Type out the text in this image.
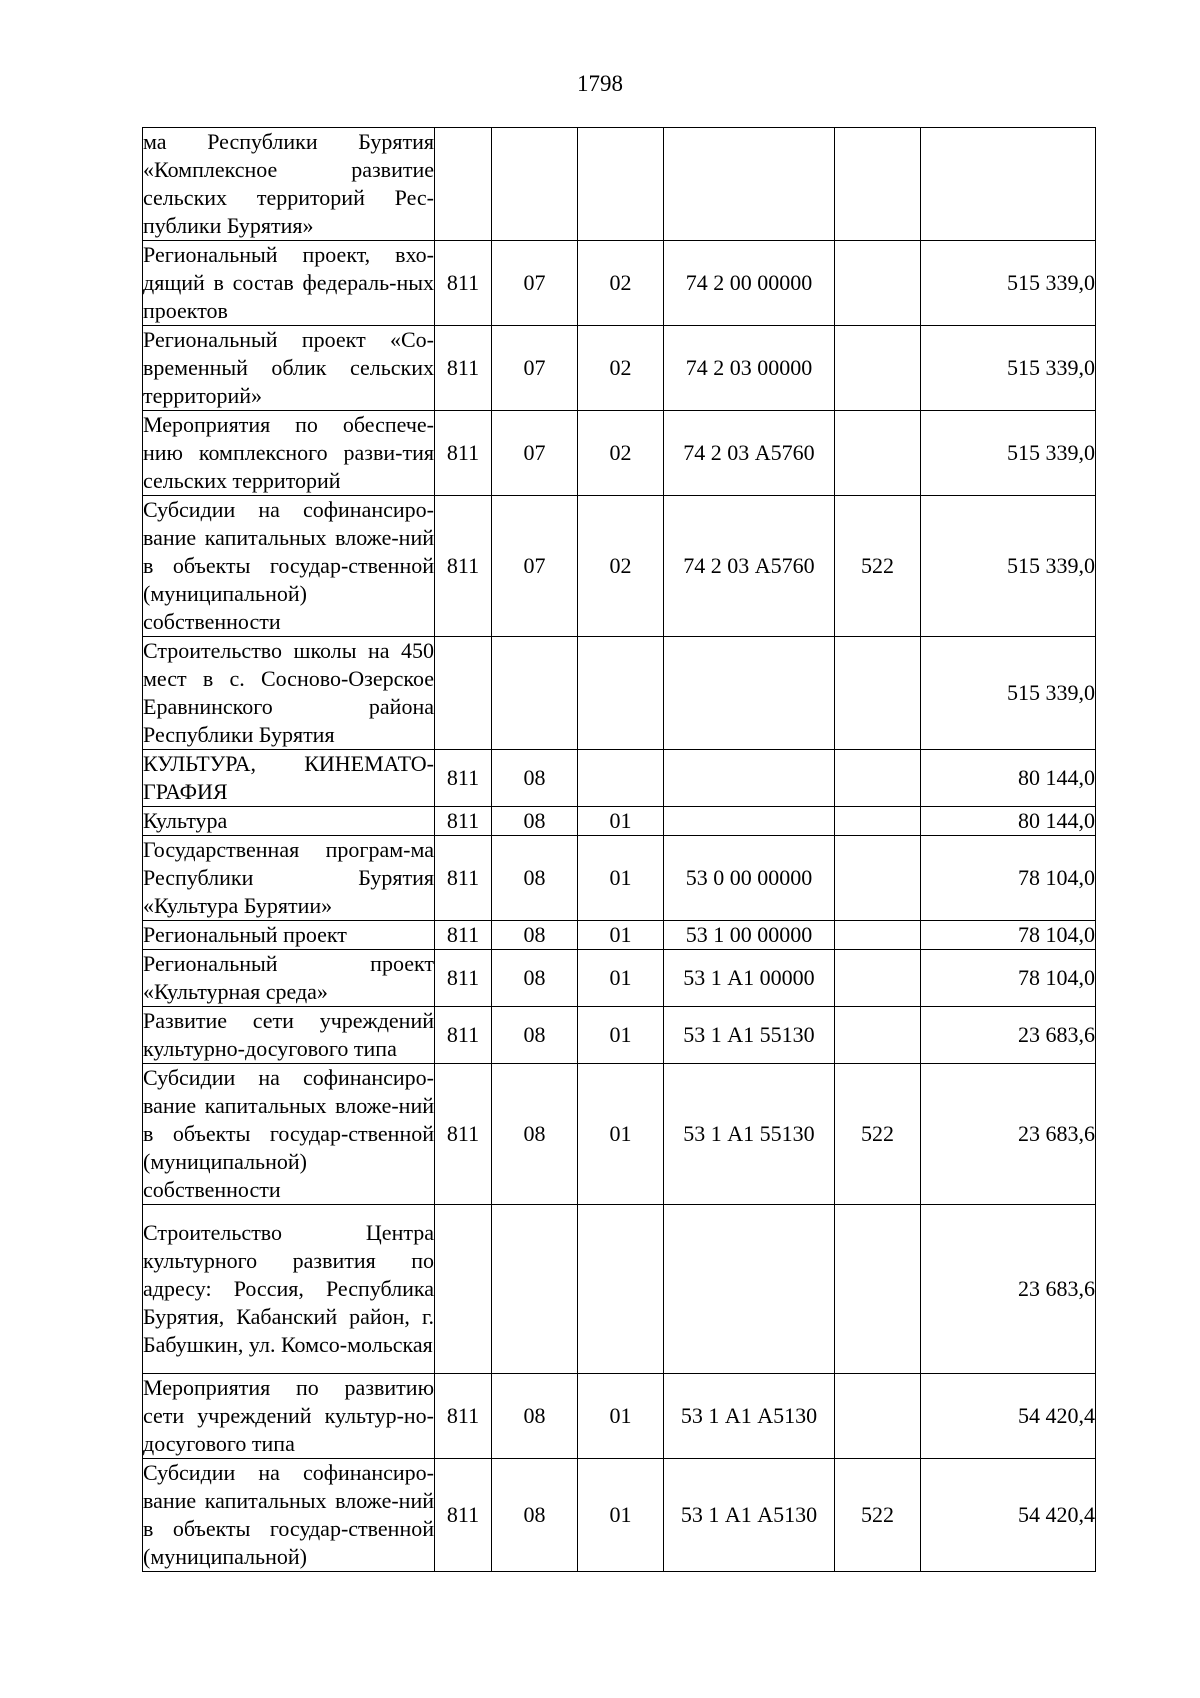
1798
ма Республики Бурятия «Комплексное развитие сельских территорий Рес-публики Бурятия»						
Региональный проект, вхо-дящий в состав федераль-ных проектов	811	07	02	74 2 00 00000		515 339,0
Региональный проект «Со-временный облик сельских территорий»	811	07	02	74 2 03 00000		515 339,0
Мероприятия по обеспече-нию комплексного разви-тия сельских территорий	811	07	02	74 2 03 А5760		515 339,0
Субсидии на софинансиро-вание капитальных вложе-ний в объекты государ-ственной (муниципальной) собственности	811	07	02	74 2 03 А5760	522	515 339,0
Строительство школы на 450 мест в с. Сосново-Озерское Еравнинского района Республики Бурятия						515 339,0
КУЛЬТУРА, КИНЕМАТО-ГРАФИЯ	811	08				80 144,0
Культура	811	08	01			80 144,0
Государственная програм-ма Республики Бурятия «Культура Бурятии»	811	08	01	53 0 00 00000		78 104,0
Региональный проект	811	08	01	53 1 00 00000		78 104,0
Региональный проект «Культурная среда»	811	08	01	53 1 А1 00000		78 104,0
Развитие сети учреждений культурно-досугового типа	811	08	01	53 1 А1 55130		23 683,6
Субсидии на софинансиро-вание капитальных вложе-ний в объекты государ-ственной (муниципальной) собственности	811	08	01	53 1 А1 55130	522	23 683,6
Строительство Центра культурного развития по адресу: Россия, Республика Бурятия, Кабанский район, г. Бабушкин, ул. Комсо-мольская						23 683,6
Мероприятия по развитию сети учреждений культур-но-досугового типа	811	08	01	53 1 А1 А5130		54 420,4
Субсидии на софинансиро-вание капитальных вложе-ний в объекты государ-ственной (муниципальной)	811	08	01	53 1 А1 А5130	522	54 420,4
